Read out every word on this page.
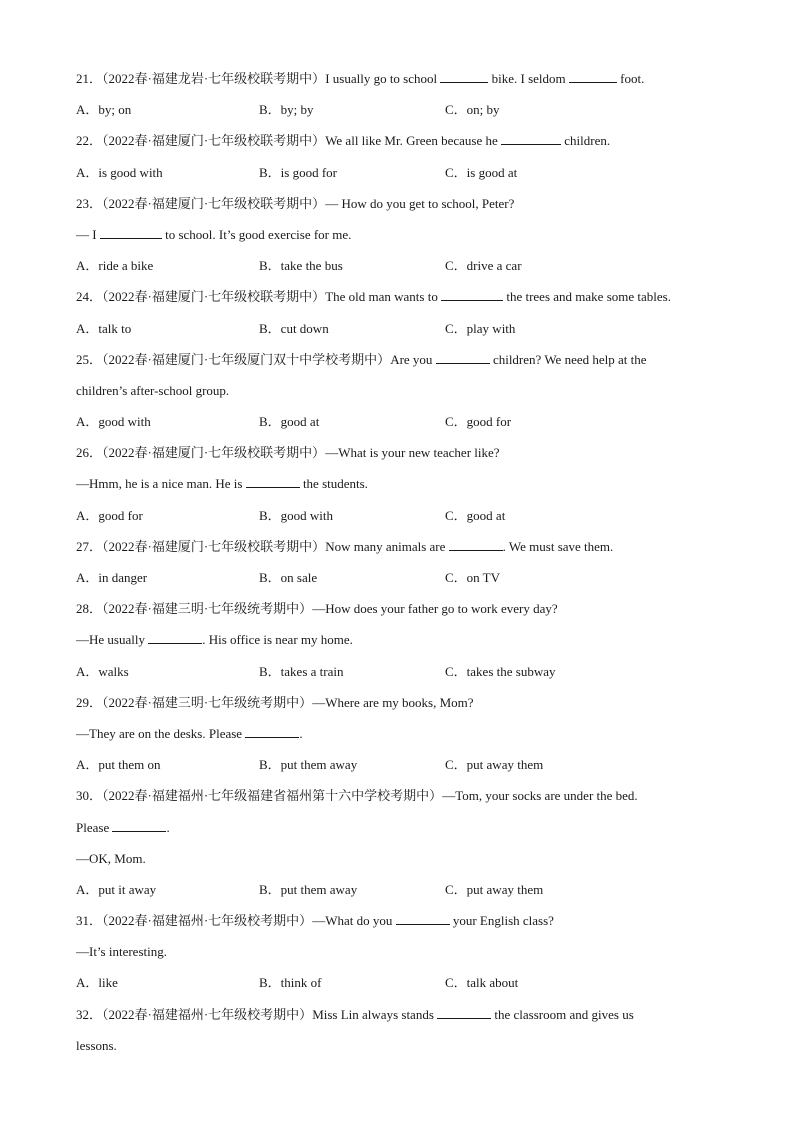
21．（2022春·福建龙岩·七年级校联考期中）I usually go to school	bike. I seldom	foot.
A．by; on	B．by; by	C．on; by
22．（2022春·福建厦门·七年级校联考期中）We all like Mr. Green because he	children.
A．is good with	B．is good for	C．is good at
23．（2022春·福建厦门·七年级校联考期中）— How do you get to school, Peter?
— I	to school. It’s good exercise for me.
A．ride a bike	B．take the bus	C．drive a car
24．（2022春·福建厦门·七年级校联考期中）The old man wants to	the trees and make some tables.
A．talk to	B．cut down	C．play with
25．（2022春·福建厦门·七年级厦门双十中学校考期中）Are you	children? We need help at the
children’s after-school group.
A．good with	B．good at	C．good for
26．（2022春·福建厦门·七年级校联考期中）—What is your new teacher like?
—Hmm, he is a nice man. He is	the students.
A．good for	B．good with	C．good at
27．（2022春·福建厦门·七年级校联考期中）Now many animals are	. We must save them.
A．in danger	B．on sale	C．on TV
28．（2022春·福建三明·七年级统考期中）—How does your father go to work every day?
—He usually	. His office is near my home.
A．walks	B．takes a train	C．takes the subway
29．（2022春·福建三明·七年级统考期中）—Where are my books, Mom?
—They are on the desks. Please	.
A．put them on	B．put them away	C．put away them
30．（2022春·福建福州·七年级福建省福州第十六中学校考期中）—Tom, your socks are under the bed.
Please	.
—OK, Mom.
A．put it away	B．put them away	C．put away them
31．（2022春·福建福州·七年级校考期中）—What do you	your English class?
—It’s interesting.
A．like	B．think of	C．talk about
32．（2022春·福建福州·七年级校考期中）Miss Lin always stands	the classroom and gives us
lessons.
